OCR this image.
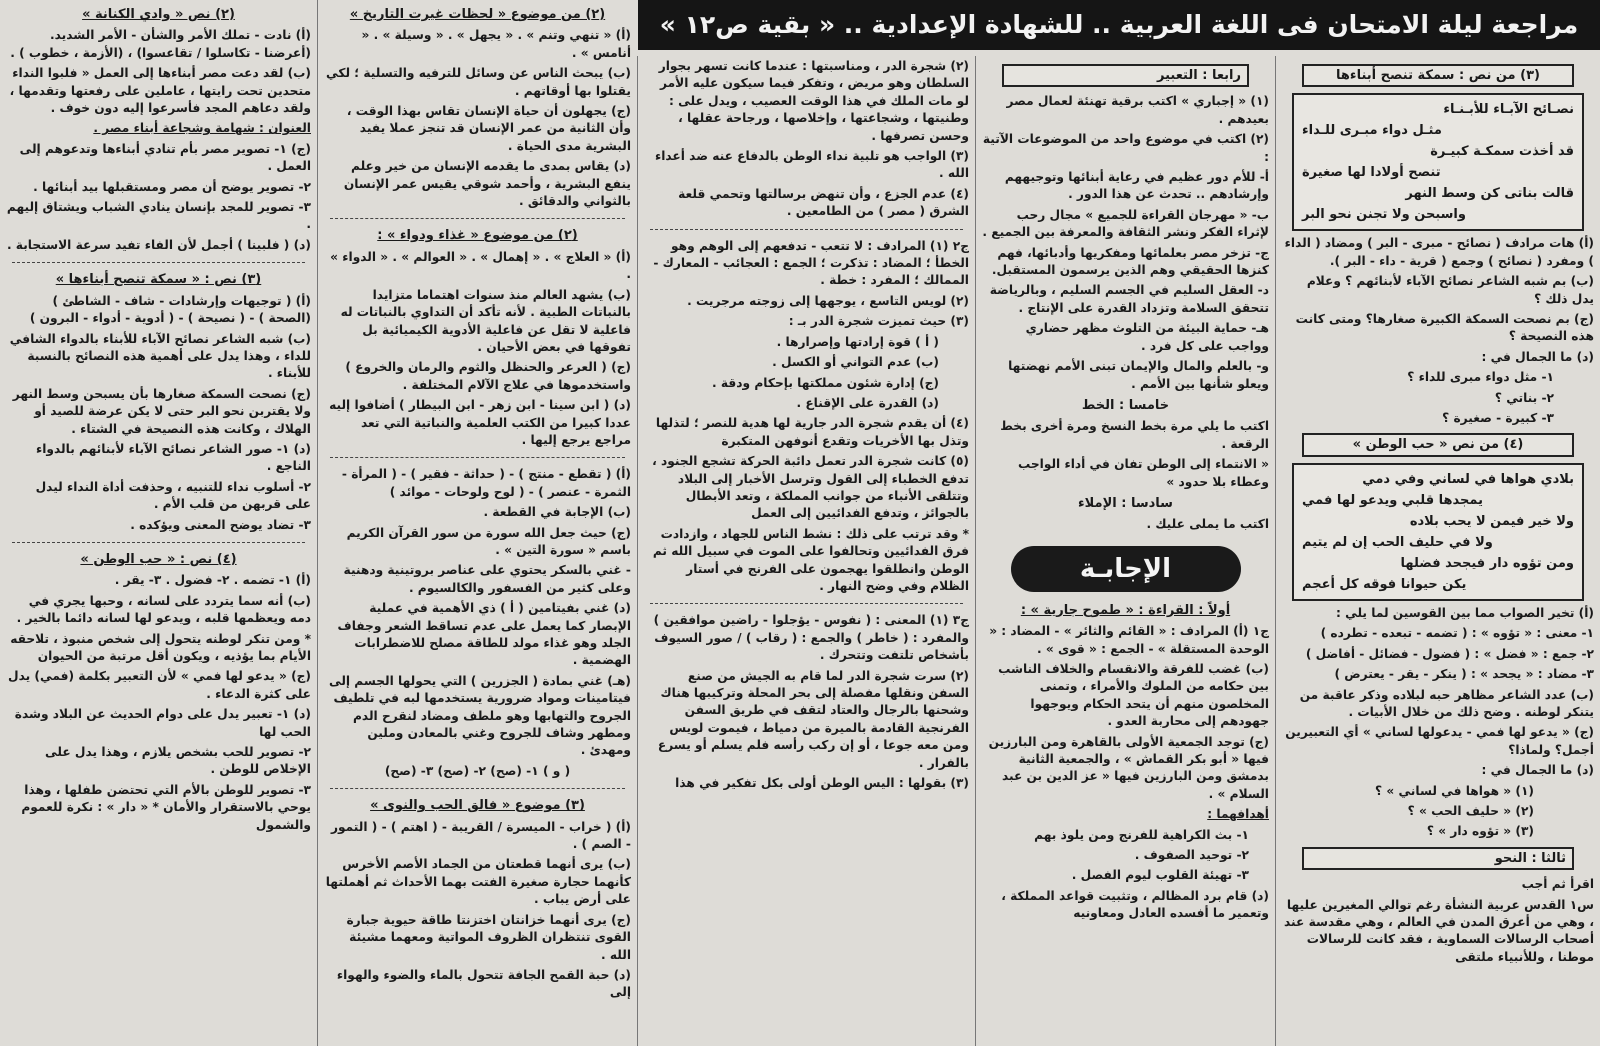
مراجعة ليلة الامتحان فى اللغة العربية .. للشهادة الإعدادية .. « بقية ص١٢ »
(٣) من نص : سمكة تنصح أبناءها
نصـائح الآبـاء للأبـنـاء
مثـل دواء مبـرى للـداء
قد أخذت سمكـة كبيـرة
تنصح أولادا لها صغيرة
قالت بناتى كن وسط النهر
واسبحن ولا تجنن نحو البر

(أ) هات مرادف ( نصائح - مبرى - البر ) ومضاد ( الداء ) ومفرد ( نصائح ) وجمع ( قرية - داء - البر ).

(ب) بم شبه الشاعر نصائح الآباء لأبنائهم ؟ وعلام يدل ذلك ؟

(ج) بم نصحت السمكة الكبيرة صغارها؟ ومتى كانت هذه النصيحة ؟

(د) ما الجمال في :

١- مثل دواء مبرى للداء ؟

٢- بناتي ؟

٣- كبيرة - صغيرة ؟

(٤) من نص « حب الوطن »
بلادي هواها في لساني وفي دمي
يمجدها قلبي ويدعو لها فمي
ولا خير فيمن لا يحب بلاده
ولا في حليف الحب إن لم يتيم
ومن تؤوه دار فيجحد فضلها
يكن حيوانا فوقه كل أعجم

(أ) تخير الصواب مما بين القوسين لما يلي :

١- معنى : « تؤوه » : ( تضمه - تبعده - تطرده )

٢- جمع : « فضل » : ( فضول - فضائل - أفاضل )

٣- مضاد : « يجحد » : ( ينكر - يقر - يعترض )

(ب) عدد الشاعر مظاهر حبه لبلاده وذكر عاقبة من يتنكر لوطنه . وضح ذلك من خلال الأبيات .

(ج) « يدعو لها فمي - يدعولها لساني » أي التعبيرين أجمل؟ ولماذا؟

(د) ما الجمال في :

(١) « هواها في لساني » ؟

(٢) « حليف الحب » ؟

(٣) « تؤوه دار » ؟

ثالثا : النحو

اقرأ ثم أجب

س١ القدس عربية النشأة رغم توالي المغيرين عليها ، وهي من أعرق المدن في العالم ، وهي مقدسة عند أصحاب الرسالات السماوية ، فقد كانت للرسالات موطنا ، وللأنبياء ملتقى

رابعا : التعبير

(١) « إجباري » اكتب برقية تهنئة لعمال مصر بعيدهم .

(٢) اكتب في موضوع واحد من الموضوعات الآتية :

أ- للأم دور عظيم في رعاية أبنائها وتوجيههم وإرشادهم .. تحدث عن هذا الدور .

ب- « مهرجان القراءة للجميع » مجال رحب لإثراء الفكر ونشر الثقافة والمعرفة بين الجميع .

ج- تزخر مصر بعلمائها ومفكريها وأدبائها، فهم كنزها الحقيقي وهم الذين يرسمون المستقبل.

د- العقل السليم في الجسم السليم ، وبالرياضة تتحقق السلامة وتزداد القدرة على الإنتاج .

هـ- حماية البيئة من التلوث مظهر حضاري وواجب على كل فرد .

و- بالعلم والمال والإيمان تبنى الأمم نهضتها ويعلو شأنها بين الأمم .

خامسا : الخط

اكتب ما يلي مرة بخط النسخ ومرة أخرى بخط الرقعة .

« الانتماء إلى الوطن تفان في أداء الواجب وعطاء بلا حدود »

سادسا : الإملاء

اكتب ما يملى عليك .

الإجابـة
أولاً : القراءة : « طموح جارية » :

ج١ (أ) المرادف : « القائم والثائر » - المضاد : « الوحدة المستقلة » - الجمع : « قوى » .

(ب) غضب للفرقة والانقسام والخلاف الناشب بين حكامه من الملوك والأمراء ، وتمنى المخلصون منهم أن يتحد الحكام ويوجهوا جهودهم إلى محاربة العدو .

(ج) توجد الجمعية الأولى بالقاهرة ومن البارزين فيها « أبو بكر القماش » ، والجمعية الثانية بدمشق ومن البارزين فيها « عز الدين بن عبد السلام » .

أهدافهما :

١- بث الكراهية للفرنج ومن يلوذ بهم

٢- توحيد الصفوف .

٣- تهيئة القلوب ليوم الفصل .

(د) قام برد المظالم ، وتثبيت قواعد المملكة ، وتعمير ما أفسده العادل ومعاونيه

(٢) شجرة الدر ، ومناسبتها : عندما كانت تسهر بجوار السلطان وهو مريض ، وتفكر فيما سيكون عليه الأمر لو مات الملك في هذا الوقت العصيب ، ويدل على : وطنيتها ، وشجاعتها ، وإخلاصها ، ورجاحة عقلها ، وحسن تصرفها .

(٣) الواجب هو تلبية نداء الوطن بالدفاع عنه ضد أعداء الله .

(٤) عدم الجزع ، وأن تنهض برسالتها وتحمي قلعة الشرق ( مصر ) من الطامعين .

ج٢ (١) المرادف : لا تتعب - تدفعهم إلى الوهم وهو الخطأ ؛ المضاد : تذكرت ؛ الجمع : العجائب - المعارك - الممالك ؛ المفرد : خطة .

(٢) لويس التاسع ، يوجهها إلى زوجته مرجريت .

(٣) حيث تميزت شجرة الدر بـ :

( أ ) قوة إرادتها وإصرارها .

(ب) عدم التواني أو الكسل .

(ج) إدارة شئون مملكتها بإحكام ودقة .

(د) القدرة على الإقناع .

(٤) أن يقدم شجرة الدر جارية لها هدية للنصر ؛ لتذلها وتذل بها الأخريات وتقدع أنوفهن المتكبرة

(٥) كانت شجرة الدر تعمل دائبة الحركة تشجع الجنود ، تدفع الخطباء إلى القول وترسل الأخبار إلى البلاد وتتلقى الأنباء من جوانب المملكة ، وتعد الأبطال بالجوائز ، وتدفع الفدائيين إلى العمل

* وقد ترتب على ذلك : نشط الناس للجهاد ، وازدادت فرق الفدائيين وتحالفوا على الموت في سبيل الله ثم الوطن وانطلقوا يهجمون على الفرنج في أستار الظلام وفي وضح النهار .

ج٣ (١) المعنى : ( نفوس - يؤجلوا - راضين موافقين ) والمفرد : ( خاطر ) والجمع : ( رقاب ) / صور السيوف بأشخاص تلتفت وتتحرك .

(٢) سرت شجرة الدر لما قام به الجيش من صنع السفن ونقلها مفصلة إلى بحر المحلة وتركيبها هناك وشحنها بالرجال والعتاد لتقف في طريق السفن الفرنجية القادمة بالميرة من دمياط ، فيموت لويس ومن معه جوعا ، أو إن ركب رأسه فلم يسلم أو يسرع بالفرار .

(٣) بقولها : اليس الوطن أولى بكل تفكير في هذا

(٢) من موضوع « لحظات غيرت التاريخ »

(أ) « تنهي وتنم » . « يجهل » . « وسيلة » . « أنامس » .

(ب) يبحث الناس عن وسائل للترفيه والتسلية ؛ لكي يقتلوا بها أوقاتهم .

(ج) يجهلون أن حياة الإنسان تقاس بهذا الوقت ، وأن الثانية من عمر الإنسان قد تنجز عملا يفيد البشرية مدى الحياة .

(د) يقاس بمدى ما يقدمه الإنسان من خير وعلم ينفع البشرية ، وأحمد شوقي يقيس عمر الإنسان بالثواني والدقائق .

(٢) من موضوع « غذاء ودواء » :

(أ) « العلاج » . « إهمال » . « العوالم » . « الدواء » .

(ب) يشهد العالم منذ سنوات اهتماما متزايدا بالنباتات الطبية . لأنه تأكد أن التداوي بالنباتات له فاعلية لا تقل عن فاعلية الأدوية الكيميائية بل تفوقها في بعض الأحيان .

(ج) ( العرعر والحنظل والثوم والرمان والخروع ) واستخدموها في علاج الآلام المختلفة .

(د) ( ابن سينا - ابن زهر - ابن البيطار ) أضافوا إليه عددا كبيرا من الكتب العلمية والنباتية التي تعد مراجع يرجع إليها .

(أ) ( تقطع - منتج ) - ( حداثة - فقير ) - ( المرأة - الثمرة - عنصر ) - ( لوح ولوحات - موائد )

(ب) الإجابة في القطعة .

(ج) حيث جعل الله سورة من سور القرآن الكريم باسم « سورة التين » .

- غني بالسكر يحتوي على عناصر بروتينية ودهنية وعلى كثير من الفسفور والكالسيوم .

(د) غني بفيتامين ( أ ) ذي الأهمية في عملية الإبصار كما يعمل على عدم تساقط الشعر وجفاف الجلد وهو غذاء مولد للطاقة مصلح للاضطرابات الهضمية .

(هـ) غني بمادة ( الجزرين ) التي يحولها الجسم إلى فيتامينات ومواد ضرورية يستخدمها لبه في تلطيف الجروح والتهابها وهو ملطف ومضاد لنقرح الدم ومطهر وشاف للجروح وغني بالمعادن وملين ومهدئ .

( و ) ١- (صح) ٢- (صح) ٣- (صح)

(٣) موضوع « فالق الحب والنوى »

(أ) ( خراب - الميسرة / القريبة - ( اهتم ) - ( التمور - الصم ) .

(ب) يرى أنهما قطعتان من الجماد الأصم الأخرس كأنهما حجارة صغيرة الفتت بهما الأحداث ثم أهملتها على أرض يباب .

(ج) يرى أنهما خزانتان اختزنتا طاقة حيوية جبارة القوى تنتظران الظروف المواتية ومعهما مشيئة الله .

(د) حبة القمح الجافة تتحول بالماء والضوء والهواء إلى

(٢) نص « وادي الكنانة »

(أ) نادت - تملك الأمر والشأن - الأمر الشديد. (أعرضنا - تكاسلوا / تقاعسوا) ، (الأزمة ، خطوب ) .

(ب) لقد دعت مصر أبناءها إلى العمل « فلبوا النداء متحدين تحت رايتها ، عاملين على رفعتها وتقدمها ، ولقد دعاهم المجد فأسرعوا إليه دون خوف .

العنوان : شهامة وشجاعة أبناء مصر .

(ج) ١- تصوير مصر بأم تنادي أبناءها وتدعوهم إلى العمل .

٢- تصوير يوضح أن مصر ومستقبلها بيد أبنائها .

٣- تصوير للمجد بإنسان ينادي الشباب ويشتاق إليهم .

(د) ( فلبينا ) أجمل لأن الفاء تفيد سرعة الاستجابة .

(٣) نص : « سمكة تنصح أبناءها »

(أ) ( توجيهات وإرشادات - شاف - الشاطئ ) (الصحة ) - ( نصيحة ) - ( أدوية - أدواء - البرون )

(ب) شبه الشاعر نصائح الآباء للأبناء بالدواء الشافي للداء ، وهذا يدل على أهمية هذه النصائح بالنسبة للأبناء .

(ج) نصحت السمكة صغارها بأن يسبحن وسط النهر ولا يقتربن نحو البر حتى لا يكن عرضة للصيد أو الهلاك ، وكانت هذه النصيحة في الشتاء .

(د) ١- صور الشاعر نصائح الآباء لأبنائهم بالدواء الناجع .

٢- أسلوب نداء للتنبيه ، وحذفت أداة النداء ليدل على قربهن من قلب الأم .

٣- تضاد يوضح المعنى ويؤكده .

(٤) نص : « حب الوطن »

(أ) ١- تضمه . ٢- فضول . ٣- يقر .

(ب) أنه سما يتردد على لسانه ، وحبها يجري في دمه ويعظمها قلبه ، ويدعو لها لسانه دائما بالخير .

* ومن تنكر لوطنه يتحول إلى شخص منبوذ ، تلاحقه الأيام بما يؤذيه ، ويكون أقل مرتبة من الحيوان

(ج) « يدعو لها فمي » لأن التعبير بكلمة (فمي) يدل على كثرة الدعاء .

(د) ١- تعبير يدل على دوام الحديث عن البلاد وشدة الحب لها

٢- تصوير للحب بشخص يلازم ، وهذا يدل على الإخلاص للوطن .

٣- تصوير للوطن بالأم التي تحتضن طفلها ، وهذا يوحي بالاستقرار والأمان * « دار » : نكرة للعموم والشمول
